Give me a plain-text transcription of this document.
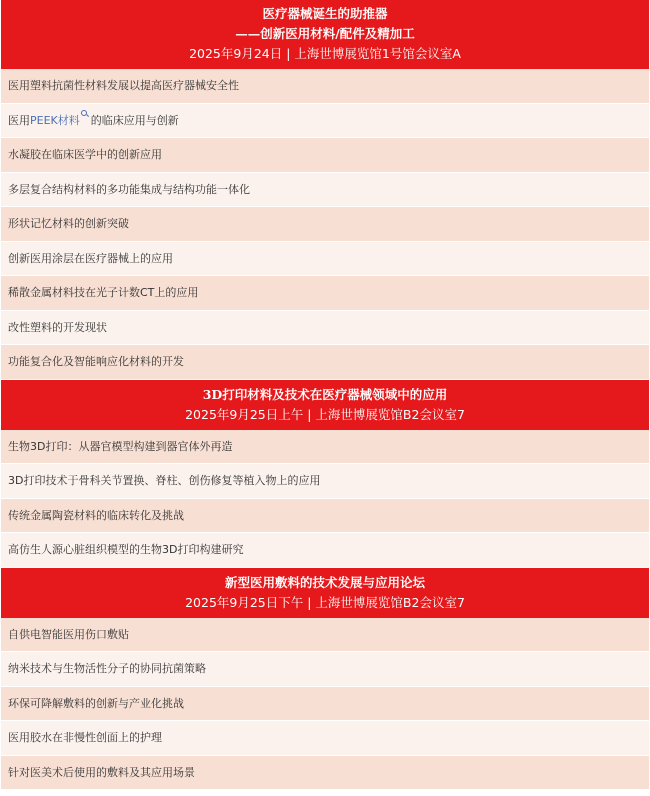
医疗器械诞生的助推器
——创新医用材料/配件及精加工
2025年9月24日 | 上海世博展览馆1号馆会议室A
医用塑料抗菌性材料发展以提高医疗器械安全性
医用PEEK材料 的临床应用与创新
水凝胶在临床医学中的创新应用
多层复合结构材料的多功能集成与结构功能一体化
形状记忆材料的创新突破
创新医用涂层在医疗器械上的应用
稀散金属材料技在光子计数CT上的应用
改性塑料的开发现状
功能复合化及智能响应化材料的开发
3D打印材料及技术在医疗器械领域中的应用
2025年9月25日上午 | 上海世博展览馆B2会议室7
生物3D打印：从器官模型构建到器官体外再造
3D打印技术于骨科关节置换、脊柱、创伤修复等植入物上的应用
传统金属陶瓷材料的临床转化及挑战
高仿生人源心脏组织模型的生物3D打印构建研究
新型医用敷料的技术发展与应用论坛
2025年9月25日下午 | 上海世博展览馆B2会议室7
自供电智能医用伤口敷贴
纳米技术与生物活性分子的协同抗菌策略
环保可降解敷料的创新与产业化挑战
医用胶水在非慢性创面上的护理
针对医美术后使用的敷料及其应用场景
